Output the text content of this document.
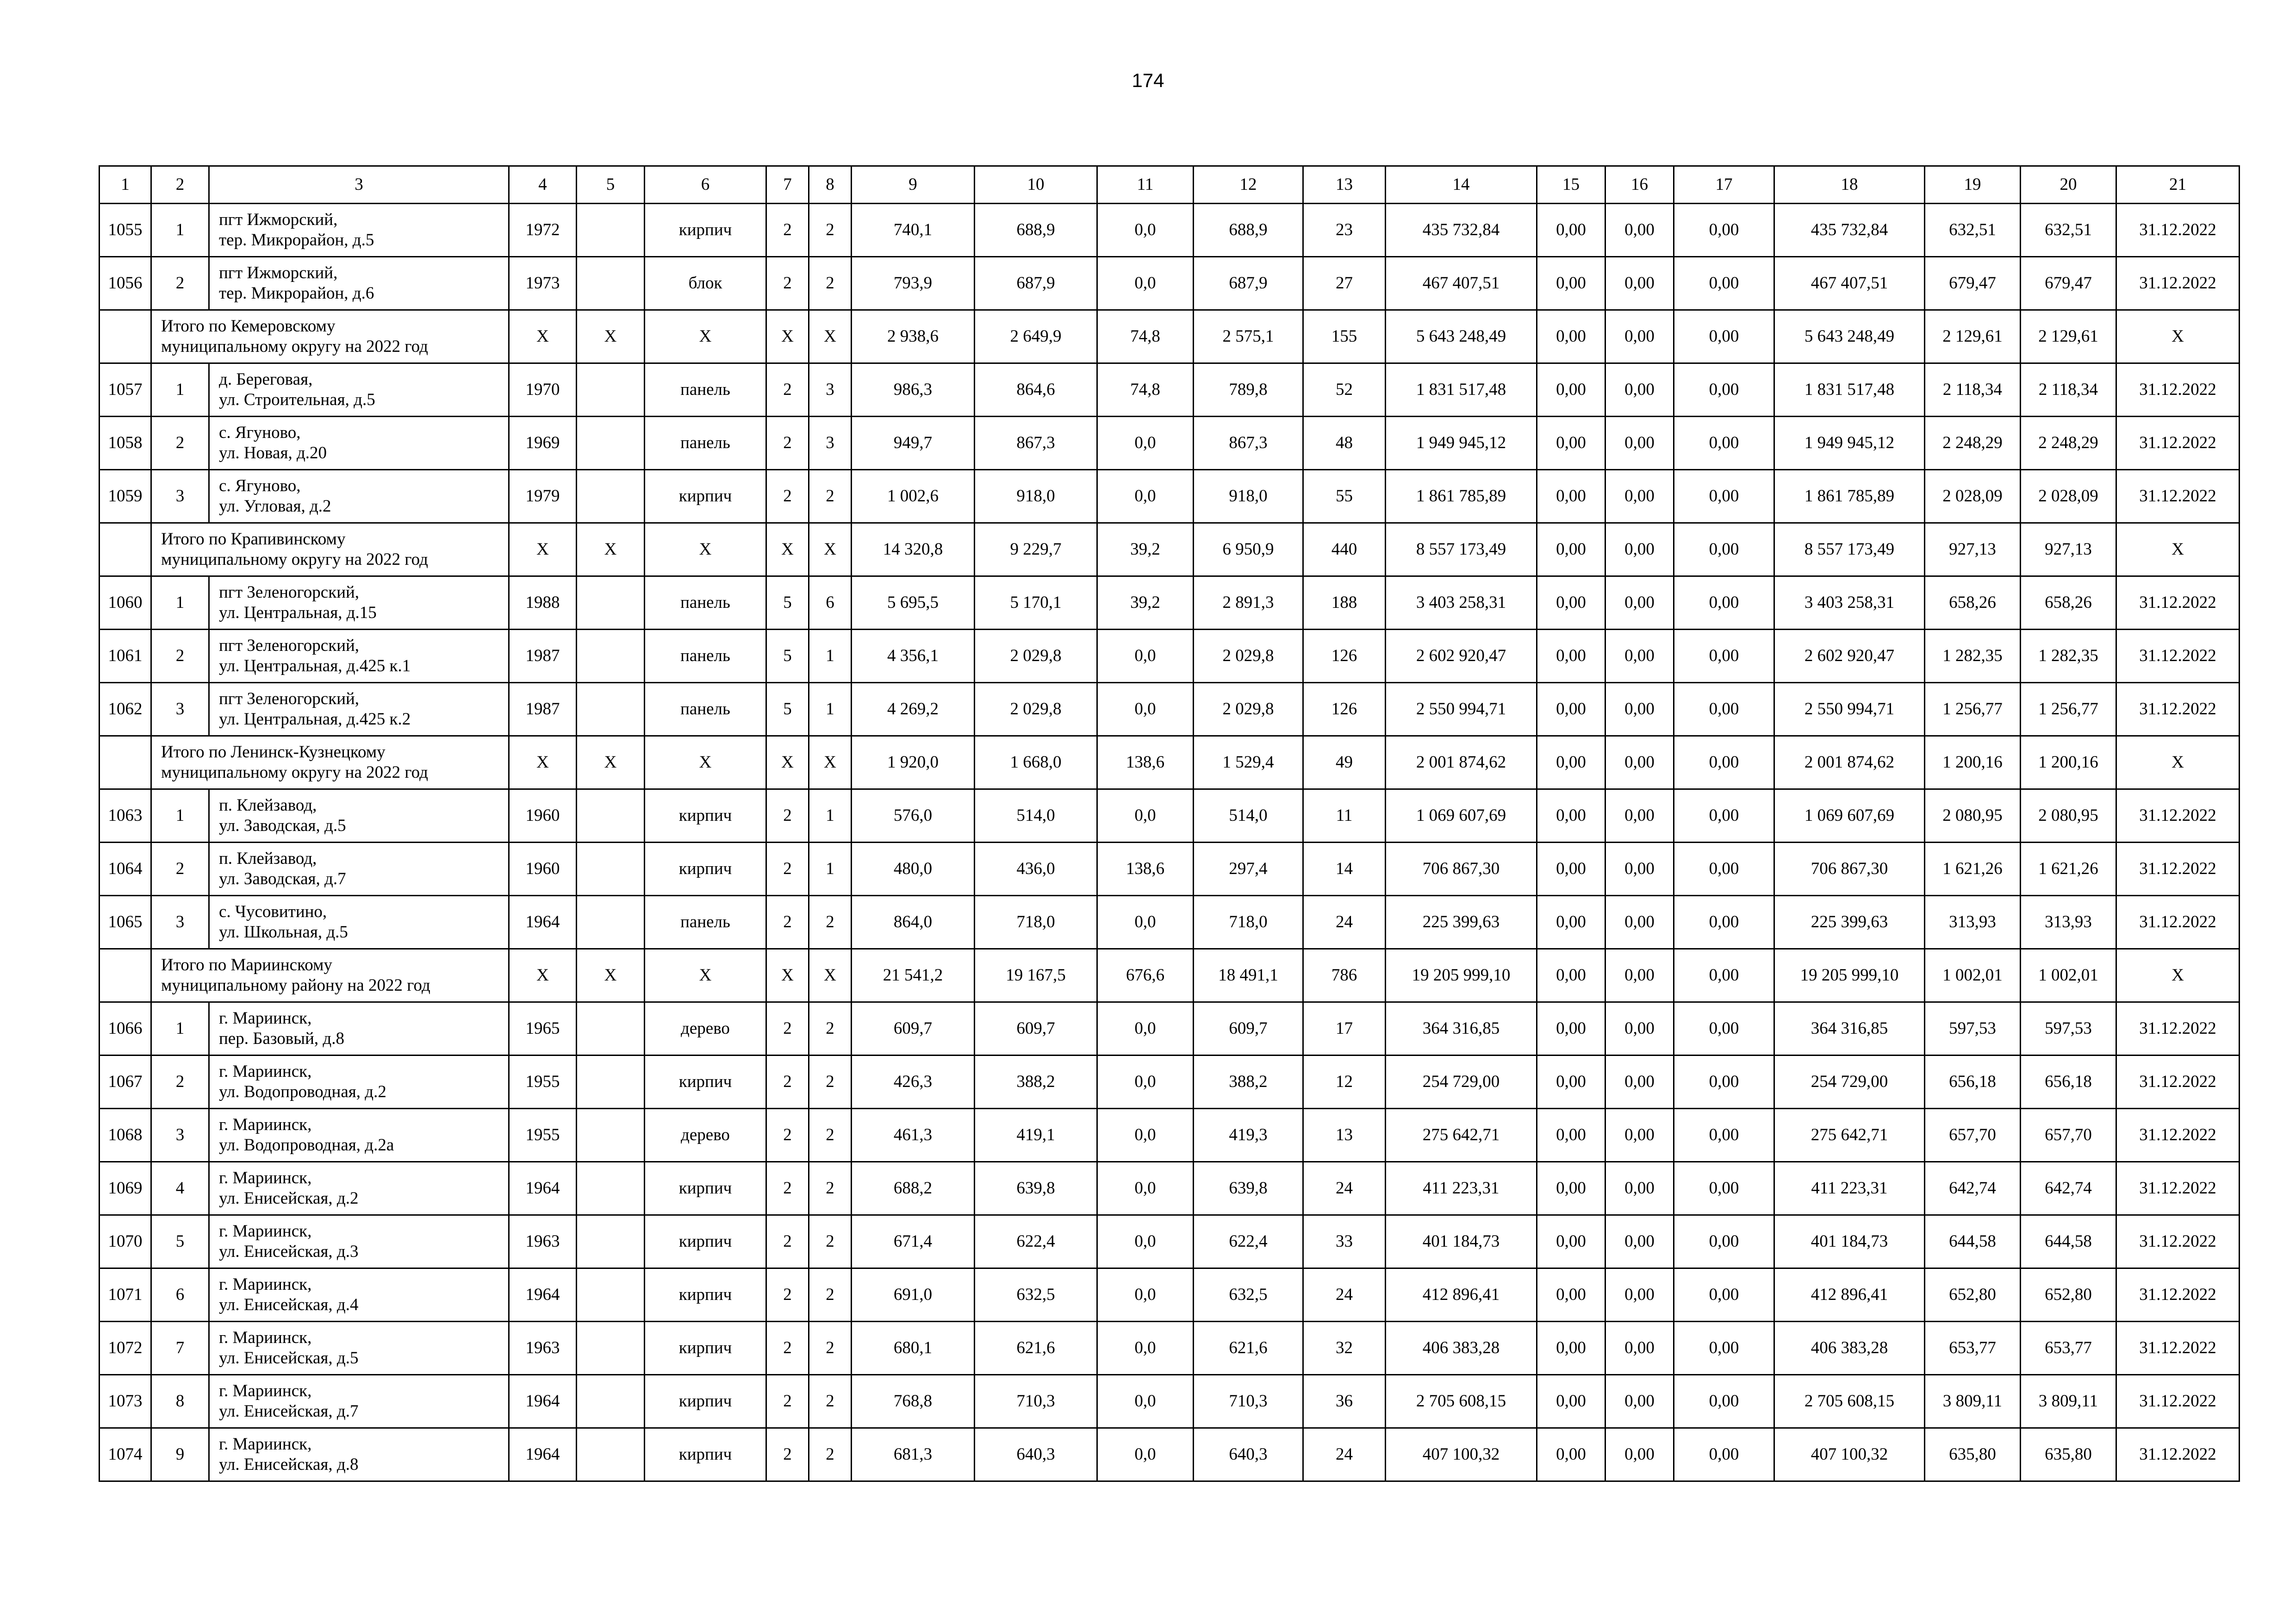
174
1	2	3	4	5	6	7	8	9	10	11	12	13	14	15	16	17	18	19	20	21
1055	1	пгт Ижморский,
тер. Микрорайон, д.5	1972		кирпич	2	2	740,1	688,9	0,0	688,9	23	435 732,84	0,00	0,00	0,00	435 732,84	632,51	632,51	31.12.2022
1056	2	пгт Ижморский,
тер. Микрорайон, д.6	1973		блок	2	2	793,9	687,9	0,0	687,9	27	467 407,51	0,00	0,00	0,00	467 407,51	679,47	679,47	31.12.2022

	Итого по Кемеровскому
муниципальному округу на 2022 год		X	X	X	X	X	2 938,6	2 649,9	74,8	2 575,1	155	5 643 248,49	0,00	0,00	0,00	5 643 248,49	2 129,61	2 129,61	X
1057	1	д. Береговая,
ул. Строительная, д.5	1970		панель	2	3	986,3	864,6	74,8	789,8	52	1 831 517,48	0,00	0,00	0,00	1 831 517,48	2 118,34	2 118,34	31.12.2022
1058	2	с. Ягуново,
ул. Новая, д.20	1969		панель	2	3	949,7	867,3	0,0	867,3	48	1 949 945,12	0,00	0,00	0,00	1 949 945,12	2 248,29	2 248,29	31.12.2022
1059	3	с. Ягуново,
ул. Угловая, д.2	1979		кирпич	2	2	1 002,6	918,0	0,0	918,0	55	1 861 785,89	0,00	0,00	0,00	1 861 785,89	2 028,09	2 028,09	31.12.2022

	Итого по Крапивинскому
муниципальному округу на 2022 год		X	X	X	X	X	14 320,8	9 229,7	39,2	6 950,9	440	8 557 173,49	0,00	0,00	0,00	8 557 173,49	927,13	927,13	X
1060	1	пгт Зеленогорский,
ул. Центральная, д.15	1988		панель	5	6	5 695,5	5 170,1	39,2	2 891,3	188	3 403 258,31	0,00	0,00	0,00	3 403 258,31	658,26	658,26	31.12.2022
1061	2	пгт Зеленогорский,
ул. Центральная, д.425 к.1	1987		панель	5	1	4 356,1	2 029,8	0,0	2 029,8	126	2 602 920,47	0,00	0,00	0,00	2 602 920,47	1 282,35	1 282,35	31.12.2022
1062	3	пгт Зеленогорский,
ул. Центральная, д.425 к.2	1987		панель	5	1	4 269,2	2 029,8	0,0	2 029,8	126	2 550 994,71	0,00	0,00	0,00	2 550 994,71	1 256,77	1 256,77	31.12.2022

	Итого по Ленинск-Кузнецкому
муниципальному округу на 2022 год		X	X	X	X	X	1 920,0	1 668,0	138,6	1 529,4	49	2 001 874,62	0,00	0,00	0,00	2 001 874,62	1 200,16	1 200,16	X
1063	1	п. Клейзавод,
ул. Заводская, д.5	1960		кирпич	2	1	576,0	514,0	0,0	514,0	11	1 069 607,69	0,00	0,00	0,00	1 069 607,69	2 080,95	2 080,95	31.12.2022
1064	2	п. Клейзавод,
ул. Заводская, д.7	1960		кирпич	2	1	480,0	436,0	138,6	297,4	14	706 867,30	0,00	0,00	0,00	706 867,30	1 621,26	1 621,26	31.12.2022
1065	3	с. Чусовитино,
ул. Школьная, д.5	1964		панель	2	2	864,0	718,0	0,0	718,0	24	225 399,63	0,00	0,00	0,00	225 399,63	313,93	313,93	31.12.2022

	Итого по Мариинскому
муниципальному району на 2022 год		X	X	X	X	X	21 541,2	19 167,5	676,6	18 491,1	786	19 205 999,10	0,00	0,00	0,00	19 205 999,10	1 002,01	1 002,01	X
1066	1	г. Мариинск,
пер. Базовый, д.8	1965		дерево	2	2	609,7	609,7	0,0	609,7	17	364 316,85	0,00	0,00	0,00	364 316,85	597,53	597,53	31.12.2022
1067	2	г. Мариинск,
ул. Водопроводная, д.2	1955		кирпич	2	2	426,3	388,2	0,0	388,2	12	254 729,00	0,00	0,00	0,00	254 729,00	656,18	656,18	31.12.2022
1068	3	г. Мариинск,
ул. Водопроводная, д.2а	1955		дерево	2	2	461,3	419,1	0,0	419,3	13	275 642,71	0,00	0,00	0,00	275 642,71	657,70	657,70	31.12.2022
1069	4	г. Мариинск,
ул. Енисейская, д.2	1964		кирпич	2	2	688,2	639,8	0,0	639,8	24	411 223,31	0,00	0,00	0,00	411 223,31	642,74	642,74	31.12.2022
1070	5	г. Мариинск,
ул. Енисейская, д.3	1963		кирпич	2	2	671,4	622,4	0,0	622,4	33	401 184,73	0,00	0,00	0,00	401 184,73	644,58	644,58	31.12.2022
1071	6	г. Мариинск,
ул. Енисейская, д.4	1964		кирпич	2	2	691,0	632,5	0,0	632,5	24	412 896,41	0,00	0,00	0,00	412 896,41	652,80	652,80	31.12.2022
1072	7	г. Мариинск,
ул. Енисейская, д.5	1963		кирпич	2	2	680,1	621,6	0,0	621,6	32	406 383,28	0,00	0,00	0,00	406 383,28	653,77	653,77	31.12.2022
1073	8	г. Мариинск,
ул. Енисейская, д.7	1964		кирпич	2	2	768,8	710,3	0,0	710,3	36	2 705 608,15	0,00	0,00	0,00	2 705 608,15	3 809,11	3 809,11	31.12.2022
1074	9	г. Мариинск,
ул. Енисейская, д.8	1964		кирпич	2	2	681,3	640,3	0,0	640,3	24	407 100,32	0,00	0,00	0,00	407 100,32	635,80	635,80	31.12.2022
